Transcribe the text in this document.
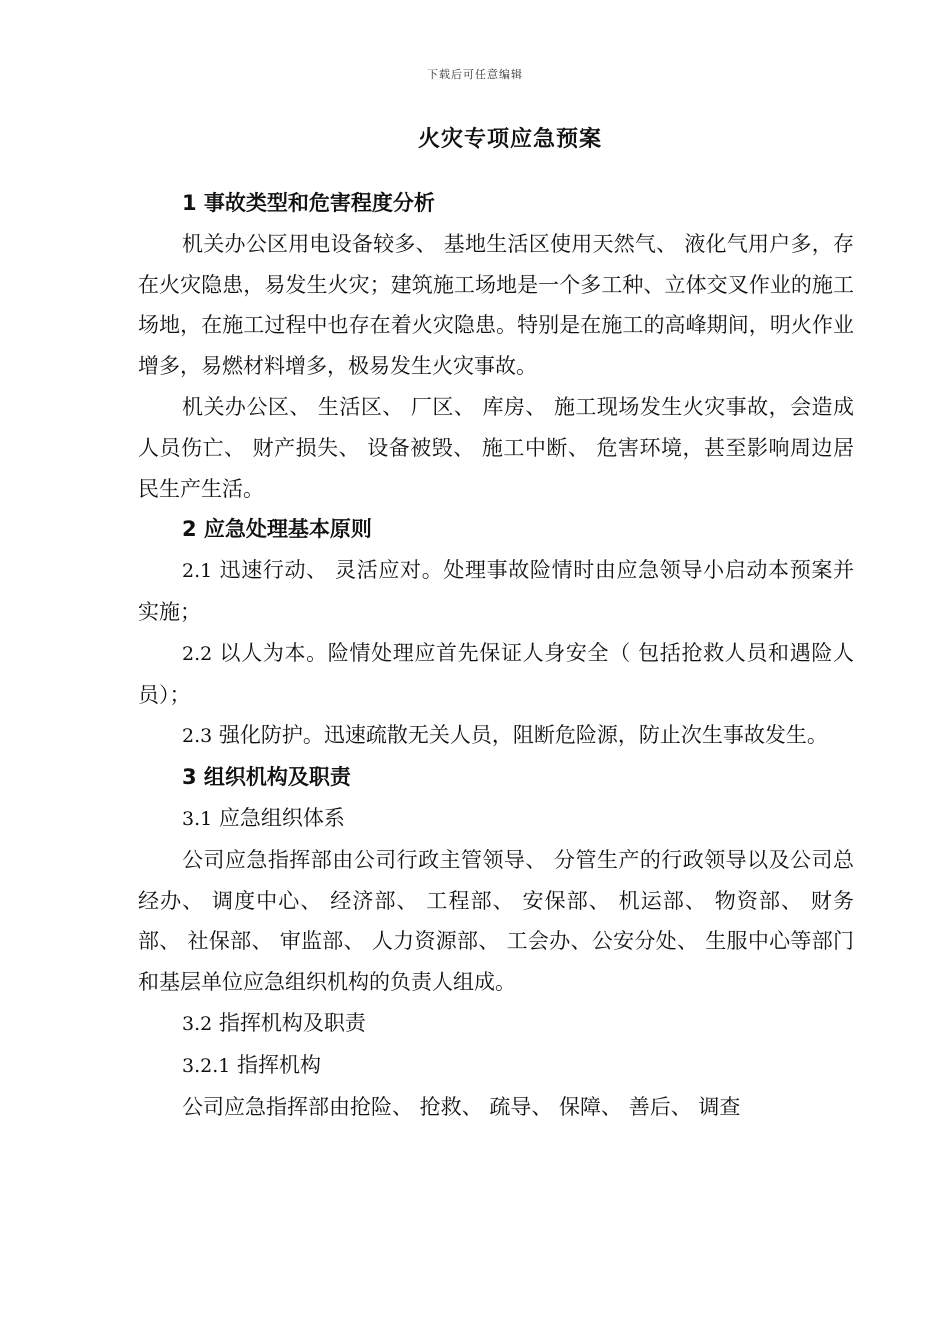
下载后可任意编辑
火灾专项应急预案

1 事故类型和危害程度分析

机关办公区用电设备较多、 基地生活区使用天然气、 液化气用户多，存在火灾隐患，易发生火灾；建筑施工场地是一个多工种、立体交叉作业的施工场地，在施工过程中也存在着火灾隐患。特别是在施工的高峰期间，明火作业增多，易燃材料增多，极易发生火灾事故。

机关办公区、 生活区、 厂区、 库房、 施工现场发生火灾事故，会造成人员伤亡、 财产损失、 设备被毁、 施工中断、 危害环境，甚至影响周边居民生产生活。

2 应急处理基本原则

2.1 迅速行动、 灵活应对。处理事故险情时由应急领导小启动本预案并实施；

2.2 以人为本。险情处理应首先保证人身安全（ 包括抢救人员和遇险人员）；

2.3 强化防护。迅速疏散无关人员，阻断危险源，防止次生事故发生。

3 组织机构及职责

3.1 应急组织体系

公司应急指挥部由公司行政主管领导、 分管生产的行政领导以及公司总经办、 调度中心、 经济部、 工程部、 安保部、 机运部、 物资部、 财务部、 社保部、 审监部、 人力资源部、 工会办、公安分处、 生服中心等部门和基层单位应急组织机构的负责人组成。

3.2 指挥机构及职责

3.2.1 指挥机构

公司应急指挥部由抢险、 抢救、 疏导、 保障、 善后、 调查
